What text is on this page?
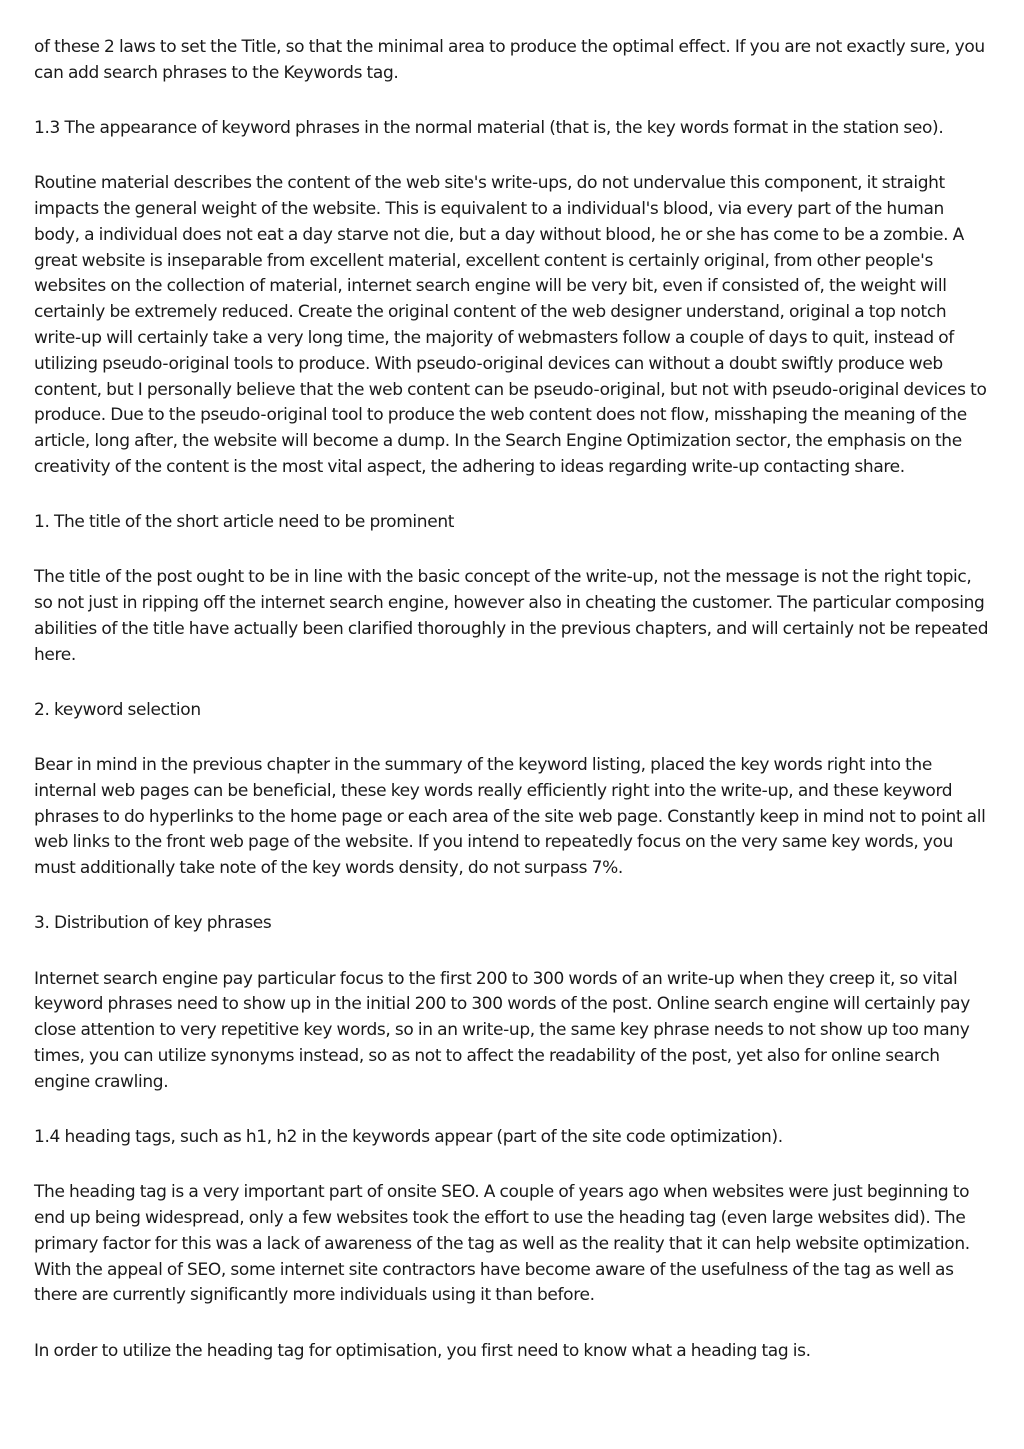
of these 2 laws to set the Title, so that the minimal area to produce the optimal effect. If you are not exactly sure, you can add search phrases to the Keywords tag.

1.3 The appearance of keyword phrases in the normal material (that is, the key words format in the station seo).

Routine material describes the content of the web site's write-ups, do not undervalue this component, it straight impacts the general weight of the website. This is equivalent to a individual's blood, via every part of the human body, a individual does not eat a day starve not die, but a day without blood, he or she has come to be a zombie. A great website is inseparable from excellent material, excellent content is certainly original, from other people's websites on the collection of material, internet search engine will be very bit, even if consisted of, the weight will certainly be extremely reduced. Create the original content of the web designer understand, original a top notch write-up will certainly take a very long time, the majority of webmasters follow a couple of days to quit, instead of utilizing pseudo-original tools to produce. With pseudo-original devices can without a doubt swiftly produce web content, but I personally believe that the web content can be pseudo-original, but not with pseudo-original devices to produce. Due to the pseudo-original tool to produce the web content does not flow, misshaping the meaning of the article, long after, the website will become a dump. In the Search Engine Optimization sector, the emphasis on the creativity of the content is the most vital aspect, the adhering to ideas regarding write-up contacting share.

1. The title of the short article need to be prominent

The title of the post ought to be in line with the basic concept of the write-up, not the message is not the right topic, so not just in ripping off the internet search engine, however also in cheating the customer. The particular composing abilities of the title have actually been clarified thoroughly in the previous chapters, and will certainly not be repeated here.

2. keyword selection

Bear in mind in the previous chapter in the summary of the keyword listing, placed the key words right into the internal web pages can be beneficial, these key words really efficiently right into the write-up, and these keyword phrases to do hyperlinks to the home page or each area of the site web page. Constantly keep in mind not to point all web links to the front web page of the website. If you intend to repeatedly focus on the very same key words, you must additionally take note of the key words density, do not surpass 7%.

3. Distribution of key phrases

Internet search engine pay particular focus to the first 200 to 300 words of an write-up when they creep it, so vital keyword phrases need to show up in the initial 200 to 300 words of the post. Online search engine will certainly pay close attention to very repetitive key words, so in an write-up, the same key phrase needs to not show up too many times, you can utilize synonyms instead, so as not to affect the readability of the post, yet also for online search engine crawling.

1.4 heading tags, such as h1, h2 in the keywords appear (part of the site code optimization).

The heading tag is a very important part of onsite SEO. A couple of years ago when websites were just beginning to end up being widespread, only a few websites took the effort to use the heading tag (even large websites did). The primary factor for this was a lack of awareness of the tag as well as the reality that it can help website optimization. With the appeal of SEO, some internet site contractors have become aware of the usefulness of the tag as well as there are currently significantly more individuals using it than before.

In order to utilize the heading tag for optimisation, you first need to know what a heading tag is.
